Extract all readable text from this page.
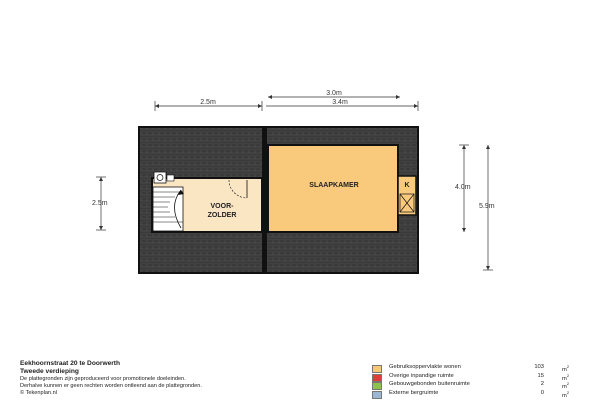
2.5m
3.0m
3.4m
2.5m
4.0m
5.9m
VOOR-
ZOLDER
SLAAPKAMER	K
Eekhoornstraat 20 te Doorwerth
Tweede verdieping
De plattegronden zijn geproduceerd voor promotionele doeleinden.
Derhalve kunnen er geen rechten worden ontleend aan de plattegronden.
© Tekenplan.nl
Gebruiksoppervlakte wonen	103	$m^2$
Overige inpandige ruimte	15	$m^2$
Gebouwgebonden buitenruimte	2	$m^2$
Externe bergruimte	0	$m^2$
